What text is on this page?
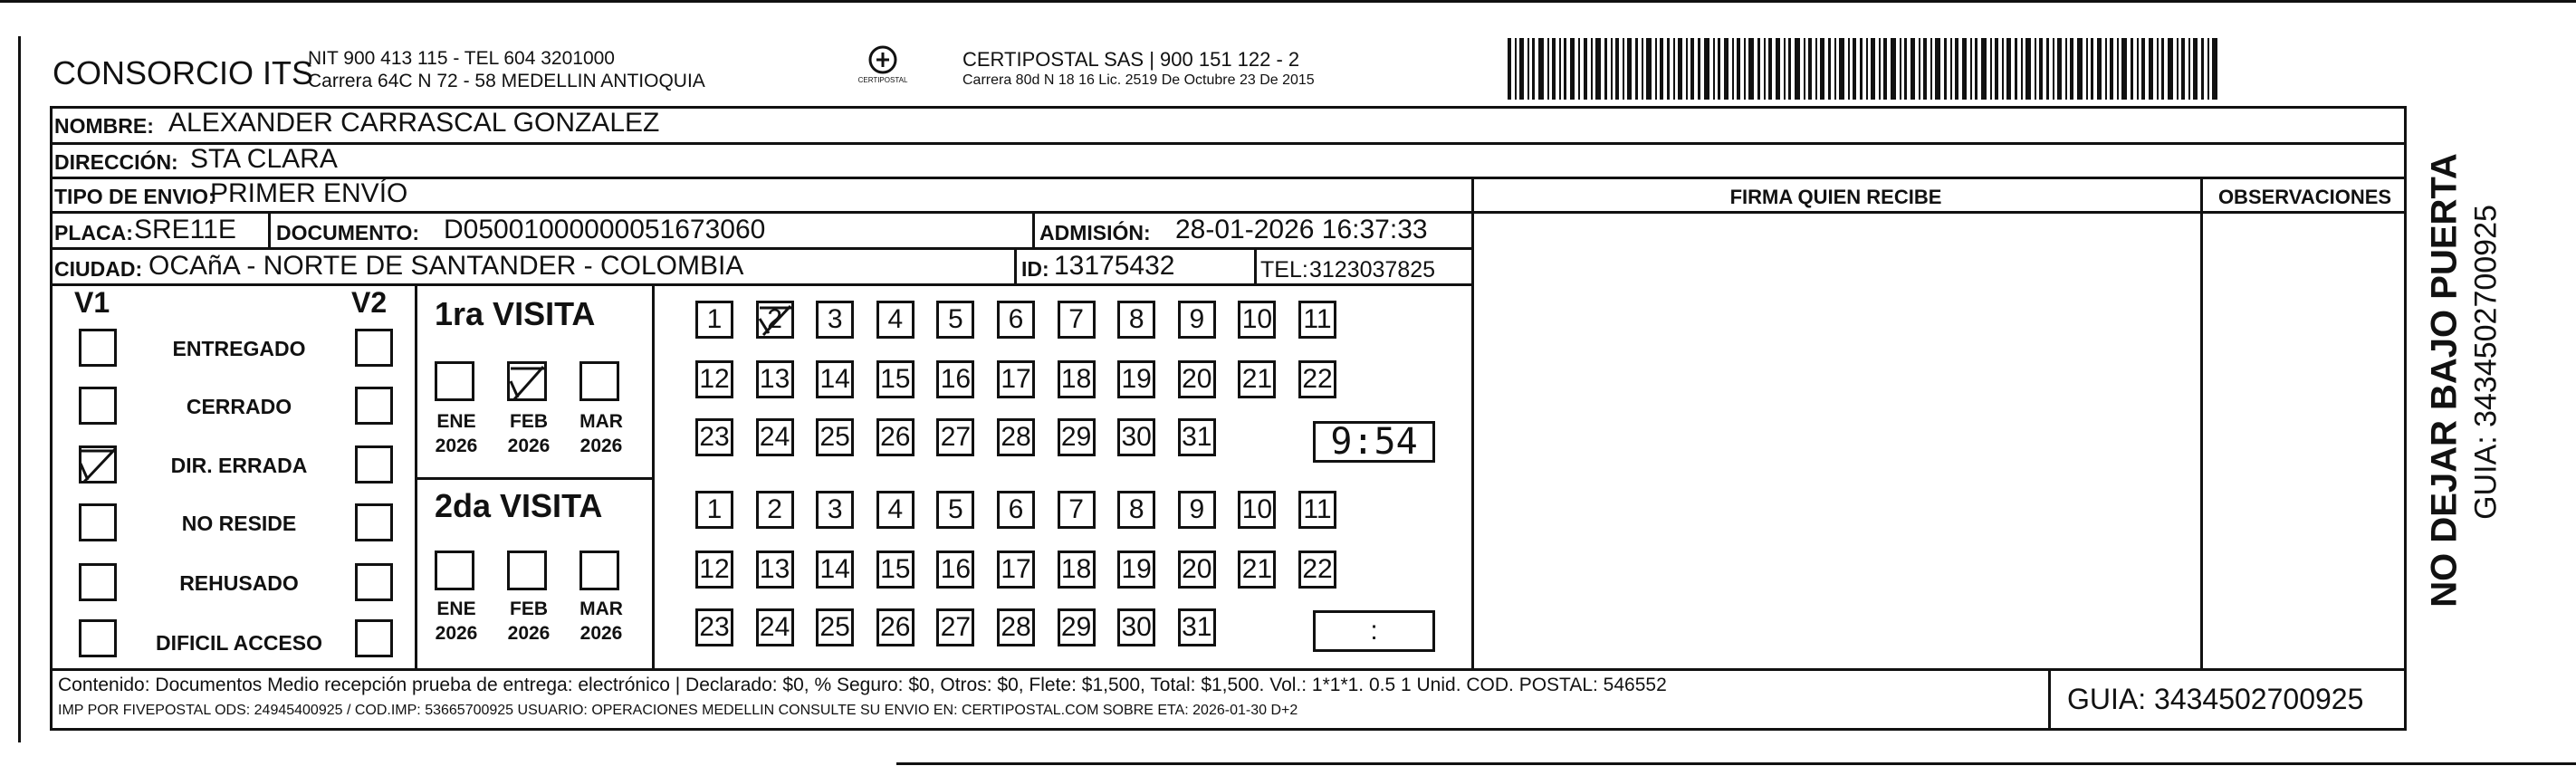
CONSORCIO ITS
NIT 900 413 115 - TEL 604 3201000
Carrera 64C N 72 - 58 MEDELLIN ANTIOQUIA	CERTIPOSTAL
CERTIPOSTAL SAS | 900 151 122 - 2
Carrera 80d N 18 16 Lic. 2519 De Octubre 23 De 2015
FIRMA QUIEN RECIBE	OBSERVACIONES
NOMBRE: ALEXANDER CARRASCAL GONZALEZ
DIRECCIÓN: STA CLARA
TIPO DE ENVIO:
PRIMER ENVÍO
PLACA: SRE11E DOCUMENTO: D05001000000051673060	ADMISIÓN: 28-01-2026 16:37:33
CIUDAD: OCAñA - NORTE DE SANTANDER - COLOMBIA	ID: 13175432	TEL: 3123037825
V1	V2
ENTREGADO
CERRADO
DIR. ERRADA
NO RESIDE
REHUSADO
DIFICIL ACCESO
1ra VISITA
ENE FEB MAR
2026 2026 2026
2da VISITA
ENE FEB MAR
2026 2026 2026
1	2	3	4	5	6	7	8	9	10 11
12 13 14 15 16 17 18 19 20 21 22
23 24 25 26 27 28 29 30 31
1	2	3	4	5	6	7	8	9	10 11
12 13 14 15 16 17 18 19 20 21 22
23 24 25 26 27 28 29 30 31
9:54
:
Contenido: Documentos Medio recepción prueba de entrega: electrónico | Declarado: $0, % Seguro: $0, Otros: $0, Flete: $1,500, Total: $1,500. Vol.: 1*1*1. 0.5 1 Unid. COD. POSTAL: 546552
IMP POR FIVEPOSTAL ODS: 24945400925 / COD.IMP: 53665700925 USUARIO: OPERACIONES MEDELLIN CONSULTE SU ENVIO EN: CERTIPOSTAL.COM SOBRE ETA: 2026-01-30 D+2	GUIA: 3434502700925
NO DEJAR BAJO PUERTA GUIA: 3434502700925
